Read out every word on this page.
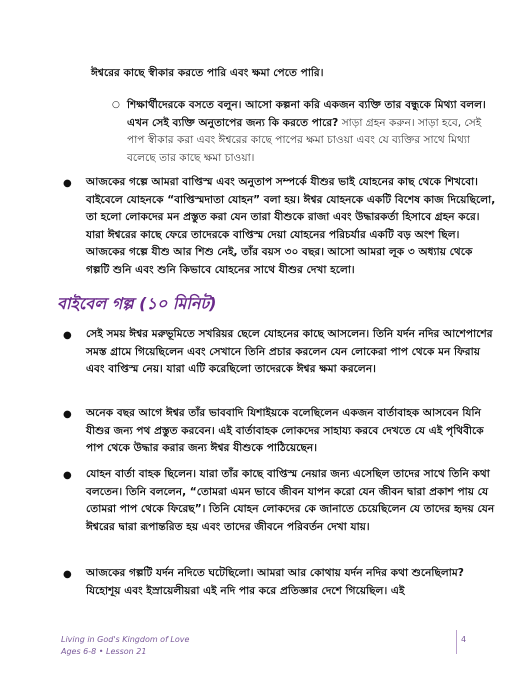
ঈশ্বরের কাছে স্বীকার করতে পারি এবং ক্ষমা পেতে পারি।

○ শিক্ষার্থীদেরকে বসতে বলুন। আসো কল্পনা করি একজন ব্যক্তি তার বন্ধুকে মিথ্যা বলল। এখন সেই ব্যক্তি অনুতাপের জন্য কি করতে পারে? সাড়া গ্রহন করুন। সাড়া হবে, সেই পাপ স্বীকার করা এবং ঈশ্বরের কাছে পাপের ক্ষমা চাওয়া এবং যে ব্যক্তির সাথে মিথ্যা বলেছে তার কাছে ক্ষমা চাওয়া।

● আজকের গল্পে আমরা বাপ্তিস্ম এবং অনুতাপ সম্পর্কে যীশুর ভাই যোহনের কাছ থেকে শিখবো। বাইবেলে যোহনকে “বাপ্তিস্মদাতা যোহন” বলা হয়। ঈশ্বর যোহনকে একটি বিশেষ কাজ দিয়েছিলো, তা হলো লোকদের মন প্রস্তুত করা যেন তারা যীশুকে রাজা এবং উদ্ধারকর্তা হিসাবে গ্রহন করে। যারা ঈশ্বরের কাছে ফেরে তাদেরকে বাপ্তিস্ম দেয়া যোহনের পরিচর্যার একটি বড় অংশ ছিল। আজকের গল্পে যীশু আর শিশু নেই, তাঁর বয়স ৩০ বছর। আসো আমরা লূক ৩ অধ্যায় থেকে গল্পটি শুনি এবং শুনি কিভাবে যোহনের সাথে যীশুর দেখা হলো।

বাইবেল গল্প (১০ মিনিট)
● সেই সময় ঈশ্বর মরুভূমিতে সখরিয়র ছেলে যোহনের কাছে আসলেন। তিনি যর্দন নদির আশেপাশের সমস্ত গ্রামে গিয়েছিলেন এবং সেখানে তিনি প্রচার করলেন যেন লোকেরা পাপ থেকে মন ফিরায় এবং বাপ্তিস্ম নেয়। যারা এটি করেছিলো তাদেরকে ঈশ্বর ক্ষমা করলেন।

● অনেক বছর আগে ঈশ্বর তাঁর ভাববাদি যিশাইয়কে বলেছিলেন একজন বার্তাবাহক আসবেন যিনি যীশুর জন্য পথ প্রস্তুত করবেন। এই বার্তাবাহক লোকদের সাহায্য করবে দেখতে যে এই পৃথিবীকে পাপ থেকে উদ্ধার করার জন্য ঈশ্বর যীশুকে পাঠিয়েছেন।

● যোহন বার্তা বাহক ছিলেন। যারা তাঁর কাছে বাপ্তিস্ম নেয়ার জন্য এসেছিল তাদের সাথে তিনি কথা বলতেন। তিনি বললেন, “তোমরা এমন ভাবে জীবন যাপন করো যেন জীবন দ্বারা প্রকাশ পায় যে তোমরা পাপ থেকে ফিরেছ”। তিনি যোহন লোকদের কে জানাতে চেয়েছিলেন যে তাদের হৃদয় যেন ঈশ্বরের দ্বারা রূপান্তরিত হয় এবং তাদের জীবনে পরিবর্তন দেখা যায়।

● আজকের গল্পটি যর্দন নদিতে ঘটেছিলো। আমরা আর কোথায় যর্দন নদির কথা শুনেছিলাম? যিহোশূয় এবং ইস্রায়েলীয়রা এই নদি পার করে প্রতিজ্ঞার দেশে গিয়েছিল। এই

Living in God's Kingdom of Love
Ages 6-8 • Lesson 21
4
